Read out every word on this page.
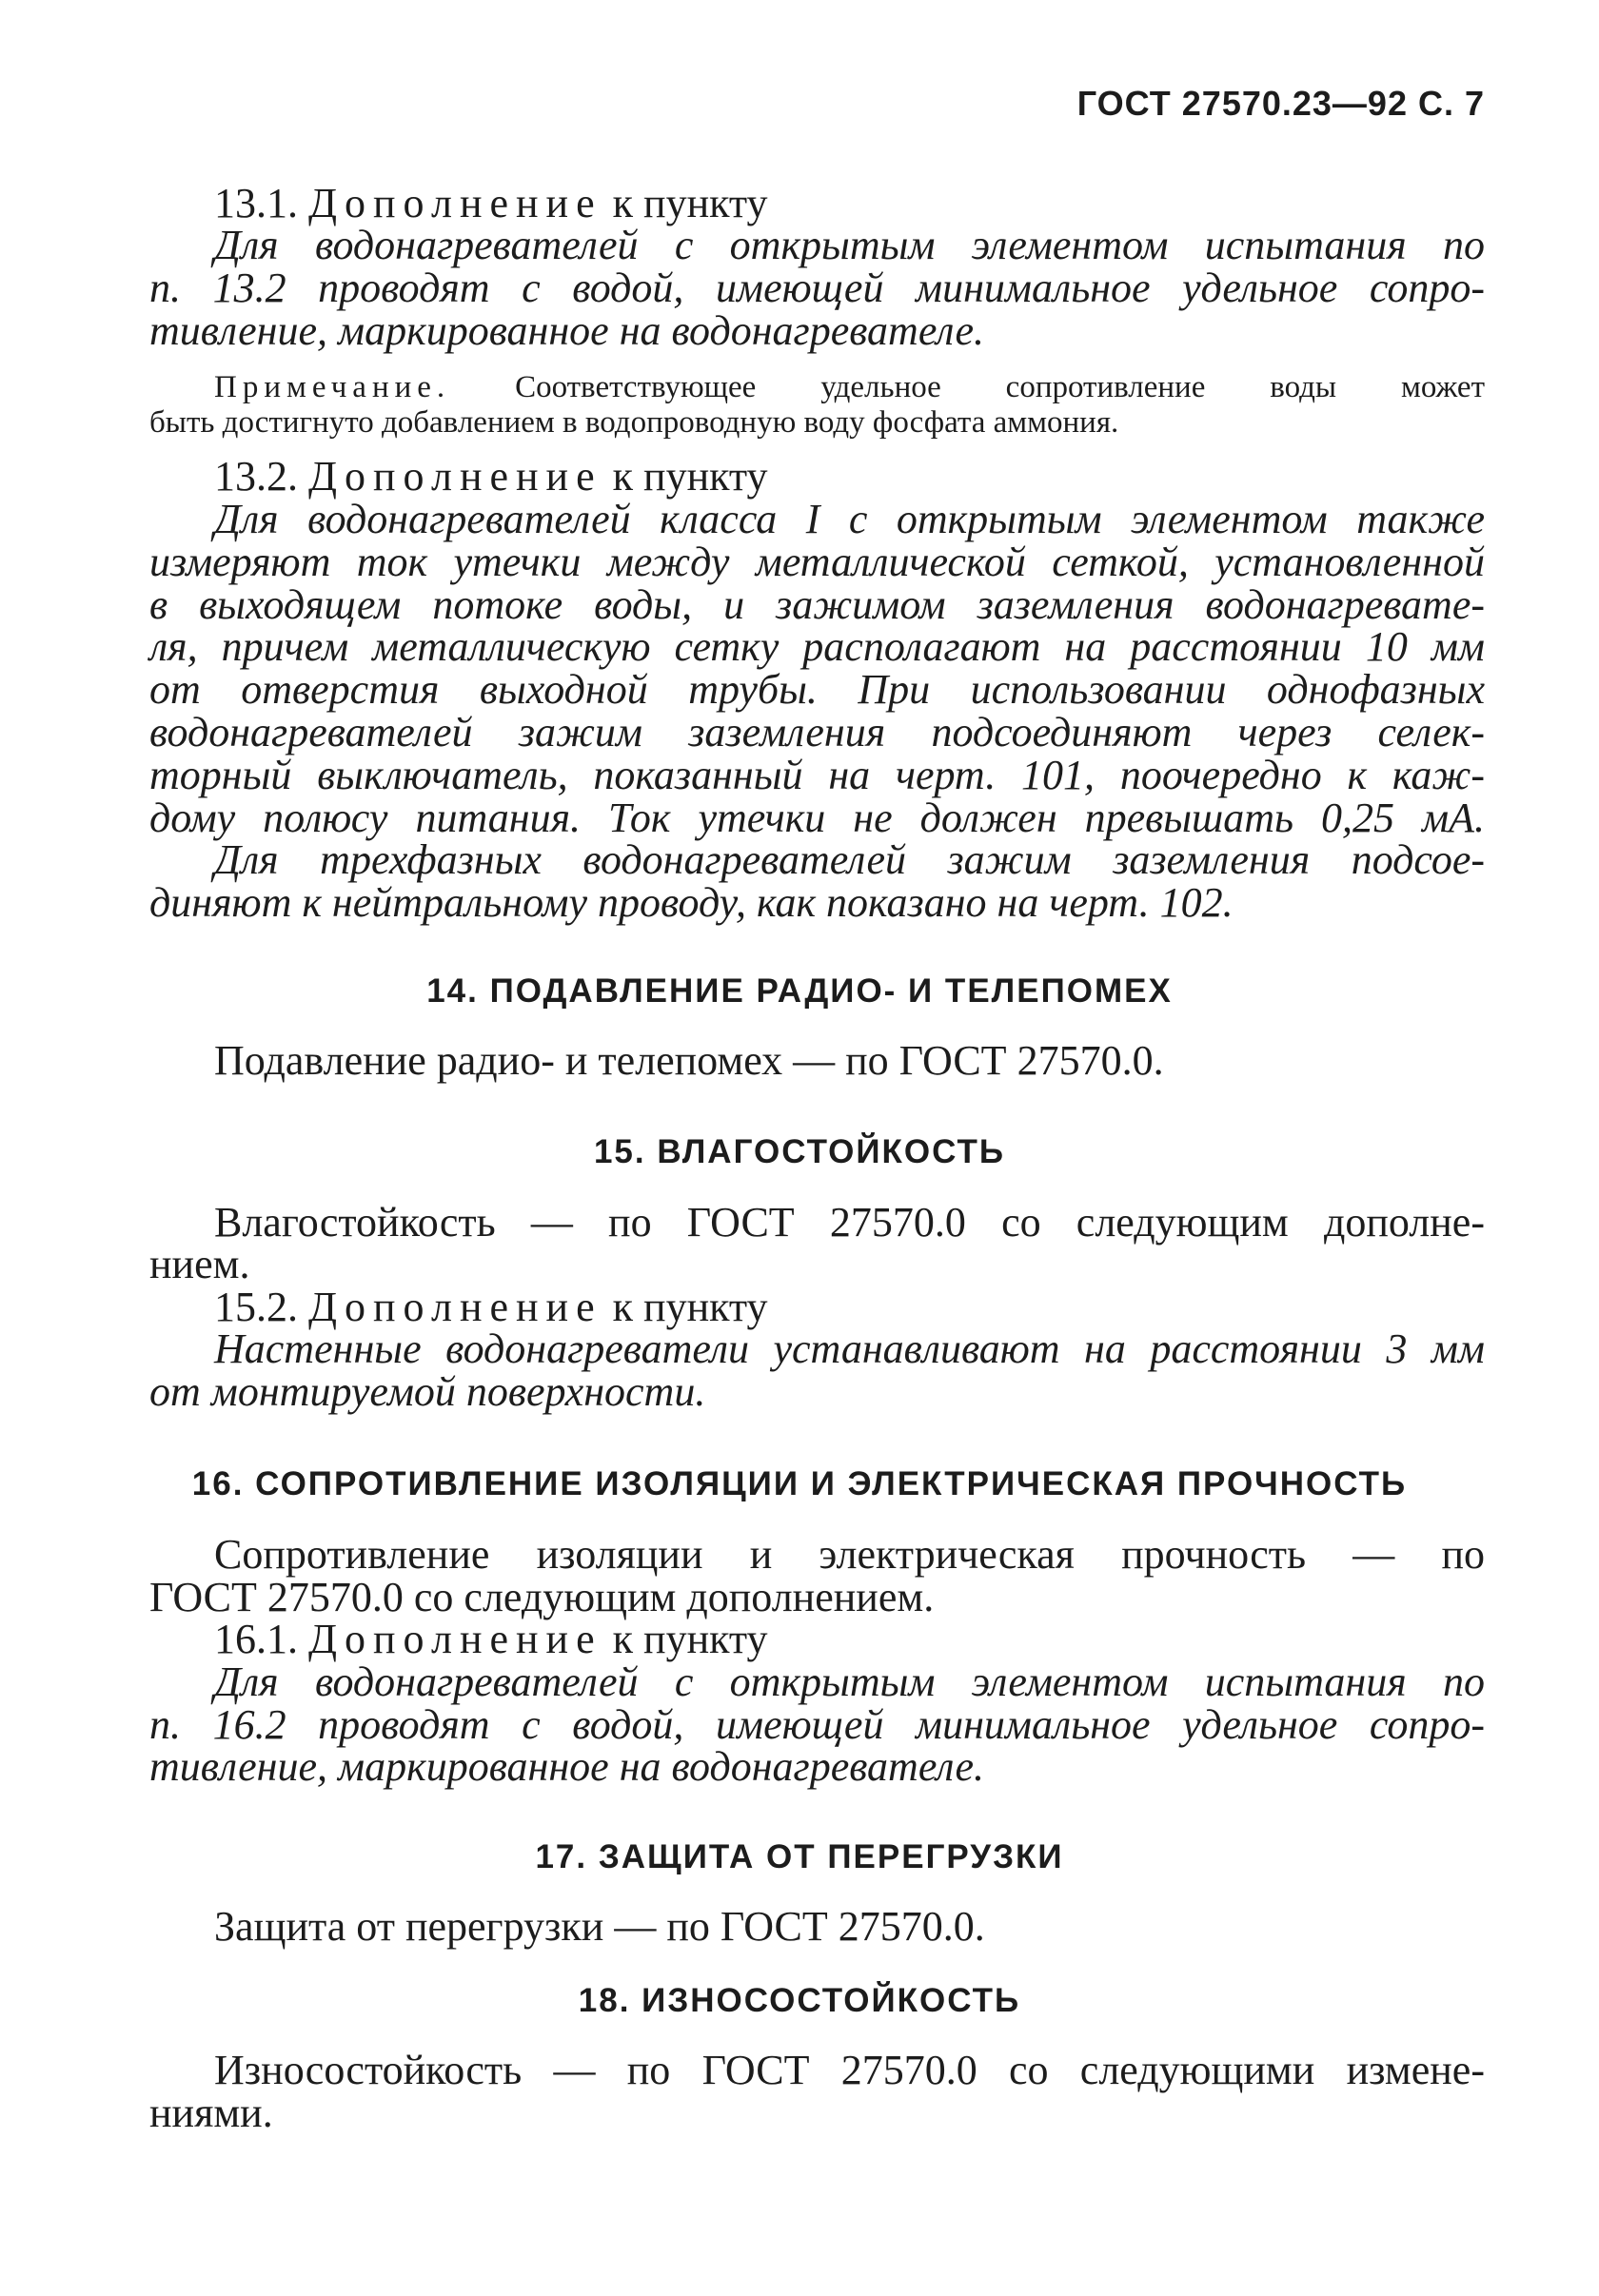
ГОСТ 27570.23—92 С. 7
13.1. Дополнение к пункту
Для водонагревателей с открытым элементом испытания по
п. 13.2 проводят с водой, имеющей минимальное удельное сопро-
тивление, маркированное на водонагревателе.
Примечание. Соответствующее удельное сопротивление воды может
быть достигнуто добавлением в водопроводную воду фосфата аммония.
13.2. Дополнение к пункту
Для водонагревателей класса I с открытым элементом также
измеряют ток утечки между металлической сеткой, установленной
в выходящем потоке воды, и зажимом заземления водонагревате-
ля, причем металлическую сетку располагают на расстоянии 10 мм
от отверстия выходной трубы. При использовании однофазных
водонагревателей зажим заземления подсоединяют через селек-
торный выключатель, показанный на черт. 101, поочередно к каж-
дому полюсу питания. Ток утечки не должен превышать 0,25 мА.
Для трехфазных водонагревателей зажим заземления подсое-
диняют к нейтральному проводу, как показано на черт. 102.
14. ПОДАВЛЕНИЕ РАДИО- И ТЕЛЕПОМЕХ
Подавление радио- и телепомех — по ГОСТ 27570.0.
15. ВЛАГОСТОЙКОСТЬ
Влагостойкость — по ГОСТ 27570.0 со следующим дополне-
нием.
15.2. Дополнение к пункту
Настенные водонагреватели устанавливают на расстоянии 3 мм
от монтируемой поверхности.
16. СОПРОТИВЛЕНИЕ ИЗОЛЯЦИИ И ЭЛЕКТРИЧЕСКАЯ ПРОЧНОСТЬ
Сопротивление изоляции и электрическая прочность — по
ГОСТ 27570.0 со следующим дополнением.
16.1. Дополнение к пункту
Для водонагревателей с открытым элементом испытания по
п. 16.2 проводят с водой, имеющей минимальное удельное сопро-
тивление, маркированное на водонагревателе.
17. ЗАЩИТА ОТ ПЕРЕГРУЗКИ
Защита от перегрузки — по ГОСТ 27570.0.
18. ИЗНОСОСТОЙКОСТЬ
Износостойкость — по ГОСТ 27570.0 со следующими измене-
ниями.
